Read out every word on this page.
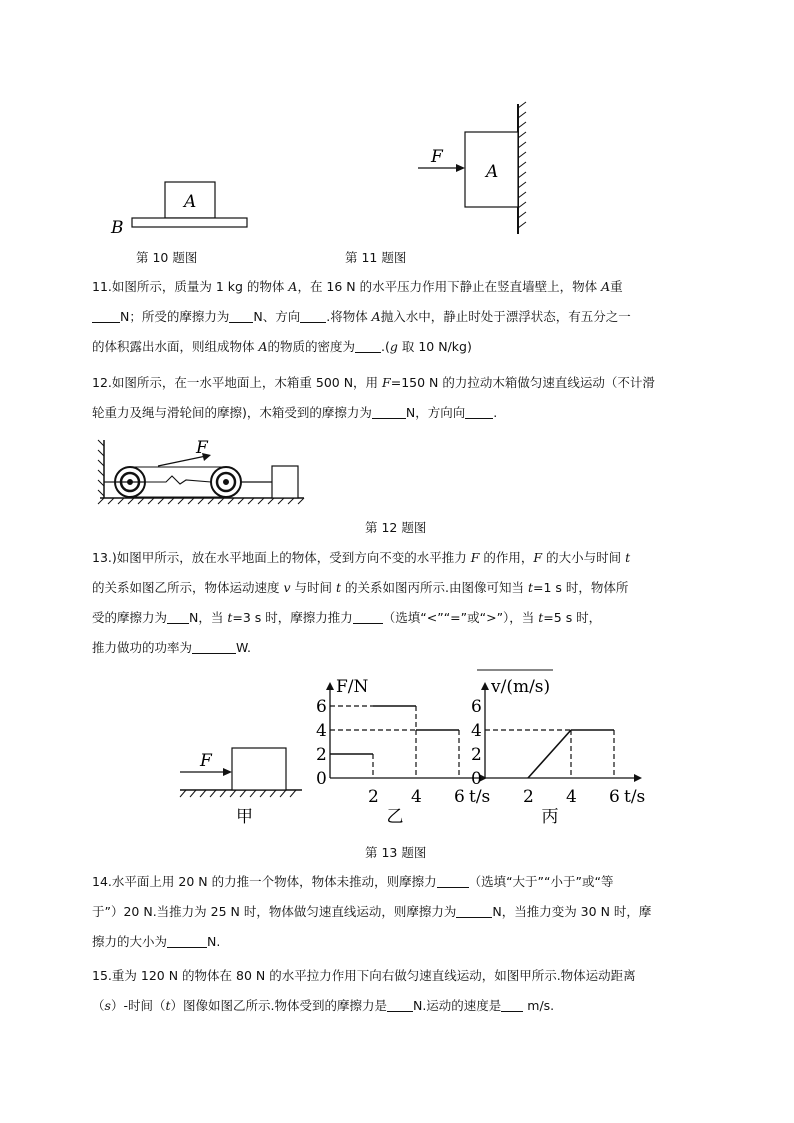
A
B
第 10 题图
F
A
第 11 题图
11.如图所示，质量为 1 kg 的物体 A，在 16 N 的水平压力作用下静止在竖直墙壁上，物体 A重
N；所受的摩擦力为 N、方向 .将物体 A抛入水中，静止时处于漂浮状态，有五分之一
的体积露出水面，则组成物体 A的物质的密度为 .(g 取 10 N/kg)
12.如图所示，在一水平地面上，木箱重 500 N，用 F=150 N 的力拉动木箱做匀速直线运动（不计滑
轮重力及绳与滑轮间的摩擦)，木箱受到的摩擦力为	N，方向向 .
F
第 12 题图
13.)如图甲所示，放在水平地面上的物体，受到方向不变的水平推力 F 的作用，F 的大小与时间 t
的关系如图乙所示，物体运动速度 v 与时间 t 的关系如图丙所示.由图像可知当 t=1 s 时，物体所
受的摩擦力为 N，当 t=3 s 时，摩擦力推力 （选填“<”“=”或“>”），当 t=5 s 时，
推力做功的功率为	W.
F
甲
F/N
t/s
0
2 4 6
2
4
6
乙
v/(m/s)
t/s
0
2 4 6
2
4
6
丙
第 13 题图
14.水平面上用 20 N 的力推一个物体，物体未推动，则摩擦力	（选填“大于”“小于”或“等
于”）20 N.当推力为 25 N 时，物体做匀速直线运动，则摩擦力为	N，当推力变为 30 N 时，摩
擦力的大小为	N.
15.重为 120 N 的物体在 80 N 的水平拉力作用下向右做匀速直线运动，如图甲所示.物体运动距离
（s）-时间（t）图像如图乙所示.物体受到的摩擦力是 N.运动的速度是 m/s.
